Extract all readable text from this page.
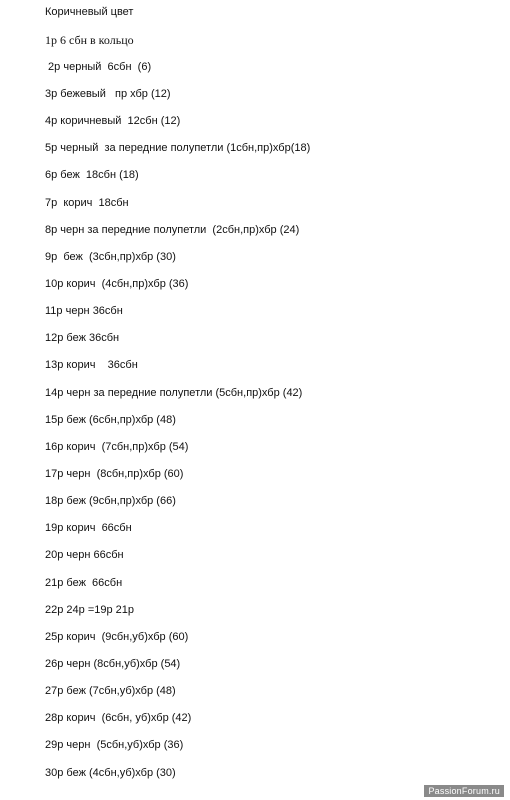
Коричневый цвет
1р 6 сбн в кольцо
2р черный  6сбн  (6)
3р бежевый   пр хбр (12)
4р коричневый  12сбн (12)
5р черный  за передние полупетли (1сбн,пр)хбр(18)
6р беж  18сбн (18)
7р  корич  18сбн
8р черн за передние полупетли  (2сбн,пр)хбр (24)
9р  беж  (3сбн,пр)хбр (30)
10р корич  (4сбн,пр)хбр (36)
11р черн 36сбн
12р беж 36сбн
13р корич    36сбн
14р черн за передние полупетли (5сбн,пр)хбр (42)
15р беж (6сбн,пр)хбр (48)
16р корич  (7сбн,пр)хбр (54)
17р черн  (8сбн,пр)хбр (60)
18р беж (9сбн,пр)хбр (66)
19р корич  66сбн
20р черн 66сбн
21р беж  66сбн
22р 24р =19р 21р
25р корич  (9сбн,уб)хбр (60)
26р черн (8сбн,уб)хбр (54)
27р беж (7сбн,уб)хбр (48)
28р корич  (6сбн, уб)хбр (42)
29р черн  (5сбн,уб)хбр (36)
30р беж (4сбн,уб)хбр (30)
PassionForum.ru
